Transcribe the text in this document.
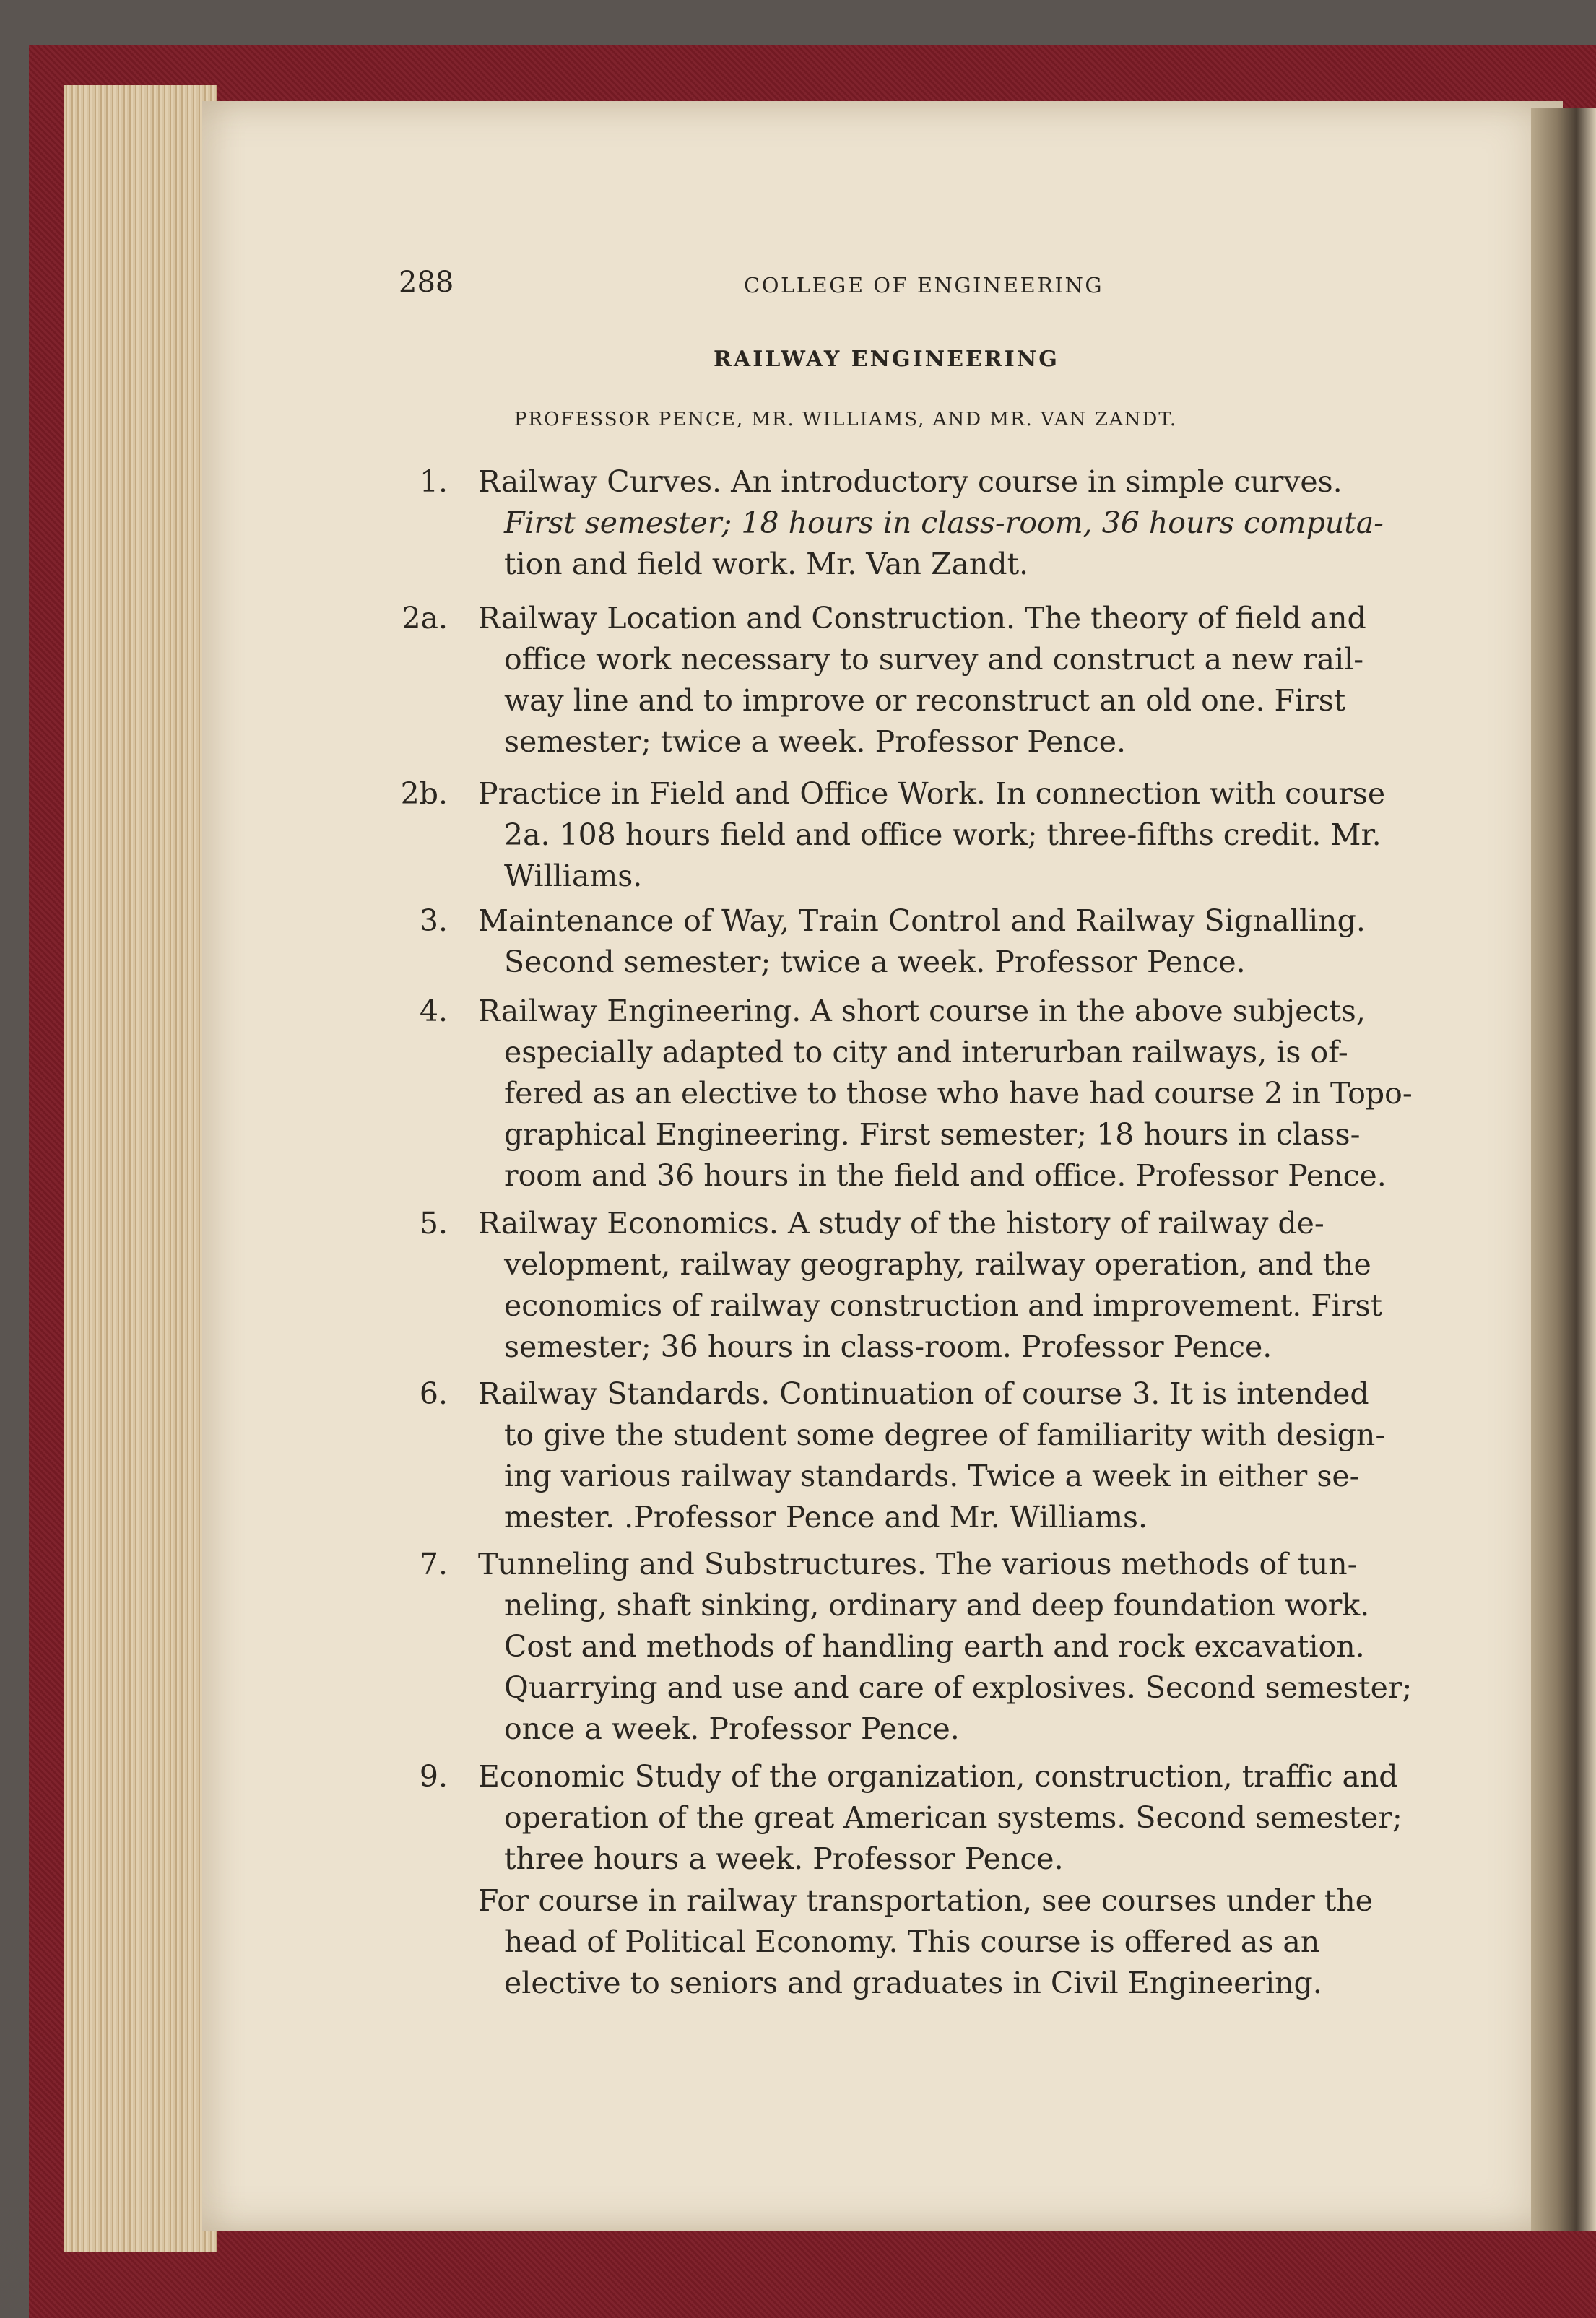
288	COLLEGE OF ENGINEERING
RAILWAY ENGINEERING
PROFESSOR PENCE, MR. WILLIAMS, AND MR. VAN ZANDT.
1. Railway Curves. An introductory course in simple curves.
First semester; 18 hours in class-room, 36 hours computa-
tion and field work. Mr. Van Zandt.
2a. Railway Location and Construction. The theory of field and
office work necessary to survey and construct a new rail-
way line and to improve or reconstruct an old one. First
semester; twice a week. Professor Pence.
2b. Practice in Field and Office Work. In connection with course
2a. 108 hours field and office work; three-fifths credit. Mr.
Williams.
3. Maintenance of Way, Train Control and Railway Signalling.
Second semester; twice a week. Professor Pence.
4. Railway Engineering. A short course in the above subjects,
especially adapted to city and interurban railways, is of-
fered as an elective to those who have had course 2 in Topo-
graphical Engineering. First semester; 18 hours in class-
room and 36 hours in the field and office. Professor Pence.
5. Railway Economics. A study of the history of railway de-
velopment, railway geography, railway operation, and the
economics of railway construction and improvement. First
semester; 36 hours in class-room. Professor Pence.
6. Railway Standards. Continuation of course 3. It is intended
to give the student some degree of familiarity with design-
ing various railway standards. Twice a week in either se-
mester. .Professor Pence and Mr. Williams.
7. Tunneling and Substructures. The various methods of tun-
neling, shaft sinking, ordinary and deep foundation work.
Cost and methods of handling earth and rock excavation.
Quarrying and use and care of explosives. Second semester;
once a week. Professor Pence.
9. Economic Study of the organization, construction, traffic and
operation of the great American systems. Second semester;
three hours a week. Professor Pence.
For course in railway transportation, see courses under the
head of Political Economy. This course is offered as an
elective to seniors and graduates in Civil Engineering.
